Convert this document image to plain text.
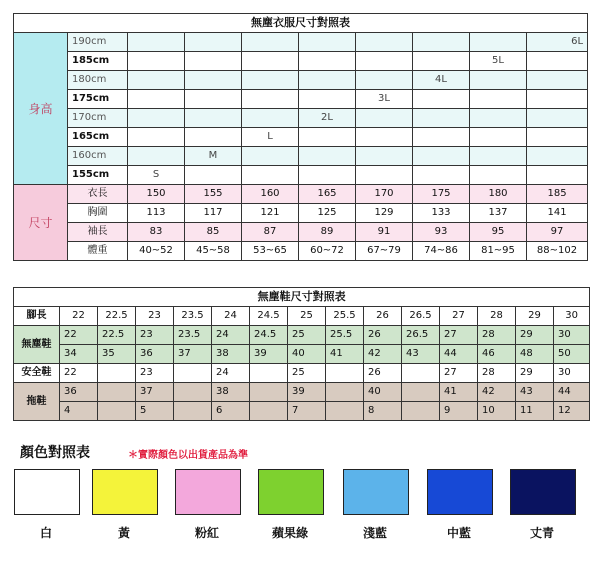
無塵衣服尺寸對照表									
身高	190cm								6L
	185cm							5L	
	180cm						4L		
	175cm					3L			
	170cm				2L				
	165cm			L					
	160cm		M						
	155cm	S							
尺寸	衣長	150	155	160	165	170	175	180	185
	胸圍	113	117	121	125	129	133	137	141
	袖長	83	85	87	89	91	93	95	97
	體重	40~52	45~58	53~65	60~72	67~79	74~86	81~95	88~102
無塵鞋尺寸對照表														
腳長	22	22.5	23	23.5	24	24.5	25	25.5	26	26.5	27	28	29	30
無塵鞋	22	22.5	23	23.5	24	24.5	25	25.5	26	26.5	27	28	29	30
	34	35	36	37	38	39	40	41	42	43	44	46	48	50
安全鞋	22		23		24		25		26		27	28	29	30
拖鞋	36		37		38		39		40		41	42	43	44
	4		5		6		7		8		9	10	11	12
顏色對照表	＊實際顏色以出貨產品為準
白	黃	粉紅	蘋果綠	淺藍	中藍	丈青
